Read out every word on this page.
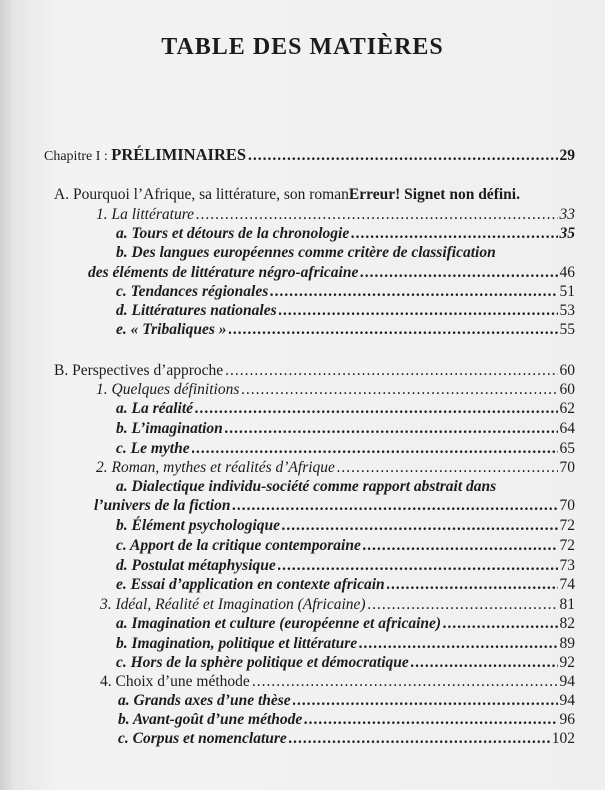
TABLE DES MATIÈRES
Chapitre I : PRÉLIMINAIRES .....	29
A. Pourquoi l’Afrique, sa littérature, son romanErreur! Signet non défini.
1. La littérature .....	33
a. Tours et détours de la chronologie .....	35
b. Des langues européennes comme critère de classification
des éléments de littérature négro-africaine .....	46
c. Tendances régionales .....	51
d. Littératures nationales .....	53
e. « Tribaliques » .....	55
B. Perspectives d’approche .....	60
1. Quelques définitions .....	60
a. La réalité .....	62
b. L’imagination .....	64
c. Le mythe .....	65
2. Roman, mythes et réalités d’Afrique .....	70
a. Dialectique individu-société comme rapport abstrait dans
l’univers de la fiction .....	70
b. Élément psychologique .....	72
c. Apport de la critique contemporaine .....	72
d. Postulat métaphysique .....	73
e. Essai d’application en contexte africain .....	74
3. Idéal, Réalité et Imagination (Africaine) .....	81
a. Imagination et culture (européenne et africaine) .....	82
b. Imagination, politique et littérature .....	89
c. Hors de la sphère politique et démocratique .....	92
4. Choix d’une méthode .....	94
a. Grands axes d’une thèse .....	94
b. Avant-goût d’une méthode .....	96
c. Corpus et nomenclature .....	102
